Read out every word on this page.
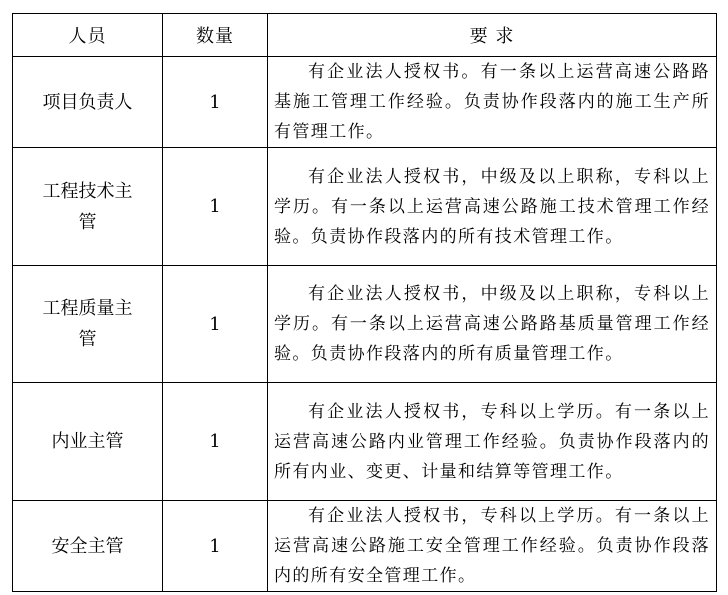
人员	数量	要 求
项目负责人	1	有企业法人授权书。有一条以上运营高速公路路基施工管理工作经验。负责协作段落内的施工生产所有管理工作。

工程技术主管	1	有企业法人授权书，中级及以上职称，专科以上学历。有一条以上运营高速公路施工技术管理工作经验。负责协作段落内的所有技术管理工作。

工程质量主管	1	有企业法人授权书，中级及以上职称，专科以上学历。有一条以上运营高速公路路基质量管理工作经验。负责协作段落内的所有质量管理工作。

内业主管	1	有企业法人授权书，专科以上学历。有一条以上运营高速公路内业管理工作经验。负责协作段落内的所有内业、变更、计量和结算等管理工作。

安全主管	1	有企业法人授权书，专科以上学历。有一条以上运营高速公路施工安全管理工作经验。负责协作段落内的所有安全管理工作。
